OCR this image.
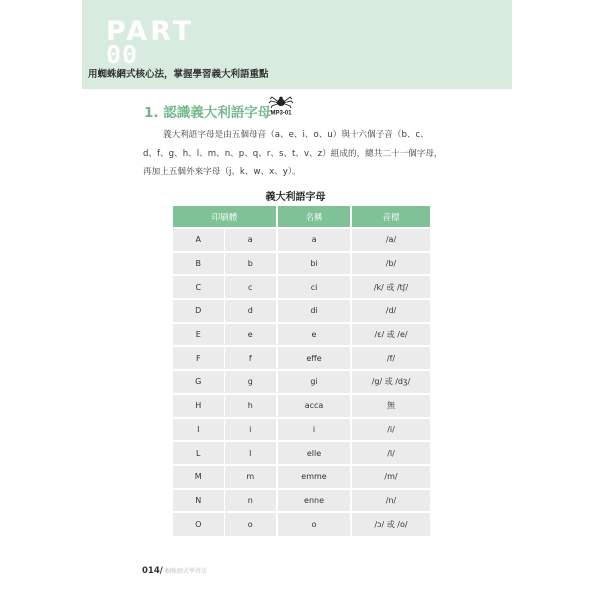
PART
00
用蜘蛛網式核心法，掌握學習義大利語重點
1. 認識義大利語字母 MP3-01

義大利語字母是由五個母音（a、e、i、o、u）與十六個子音（b、c、

d、f、g、h、l、m、n、p、q、r、s、t、v、z）組成的，總共二十一個字母，

再加上五個外來字母（j、k、w、x、y）。

義大利語字母
印刷體		名稱	音標
A	a	a	/a/
B	b	bi	/b/
C	c	ci	/k/ 或 /tʃ/
D	d	di	/d/
E	e	e	/ɛ/ 或 /e/
F	f	effe	/f/
G	g	gi	/g/ 或 /dʒ/
H	h	acca	無
I	i	i	/i/
L	l	elle	/l/
M	m	emme	/m/
N	n	enne	/n/
O	o	o	/ɔ/ 或 /o/
014/ 蜘蛛網式學習法
